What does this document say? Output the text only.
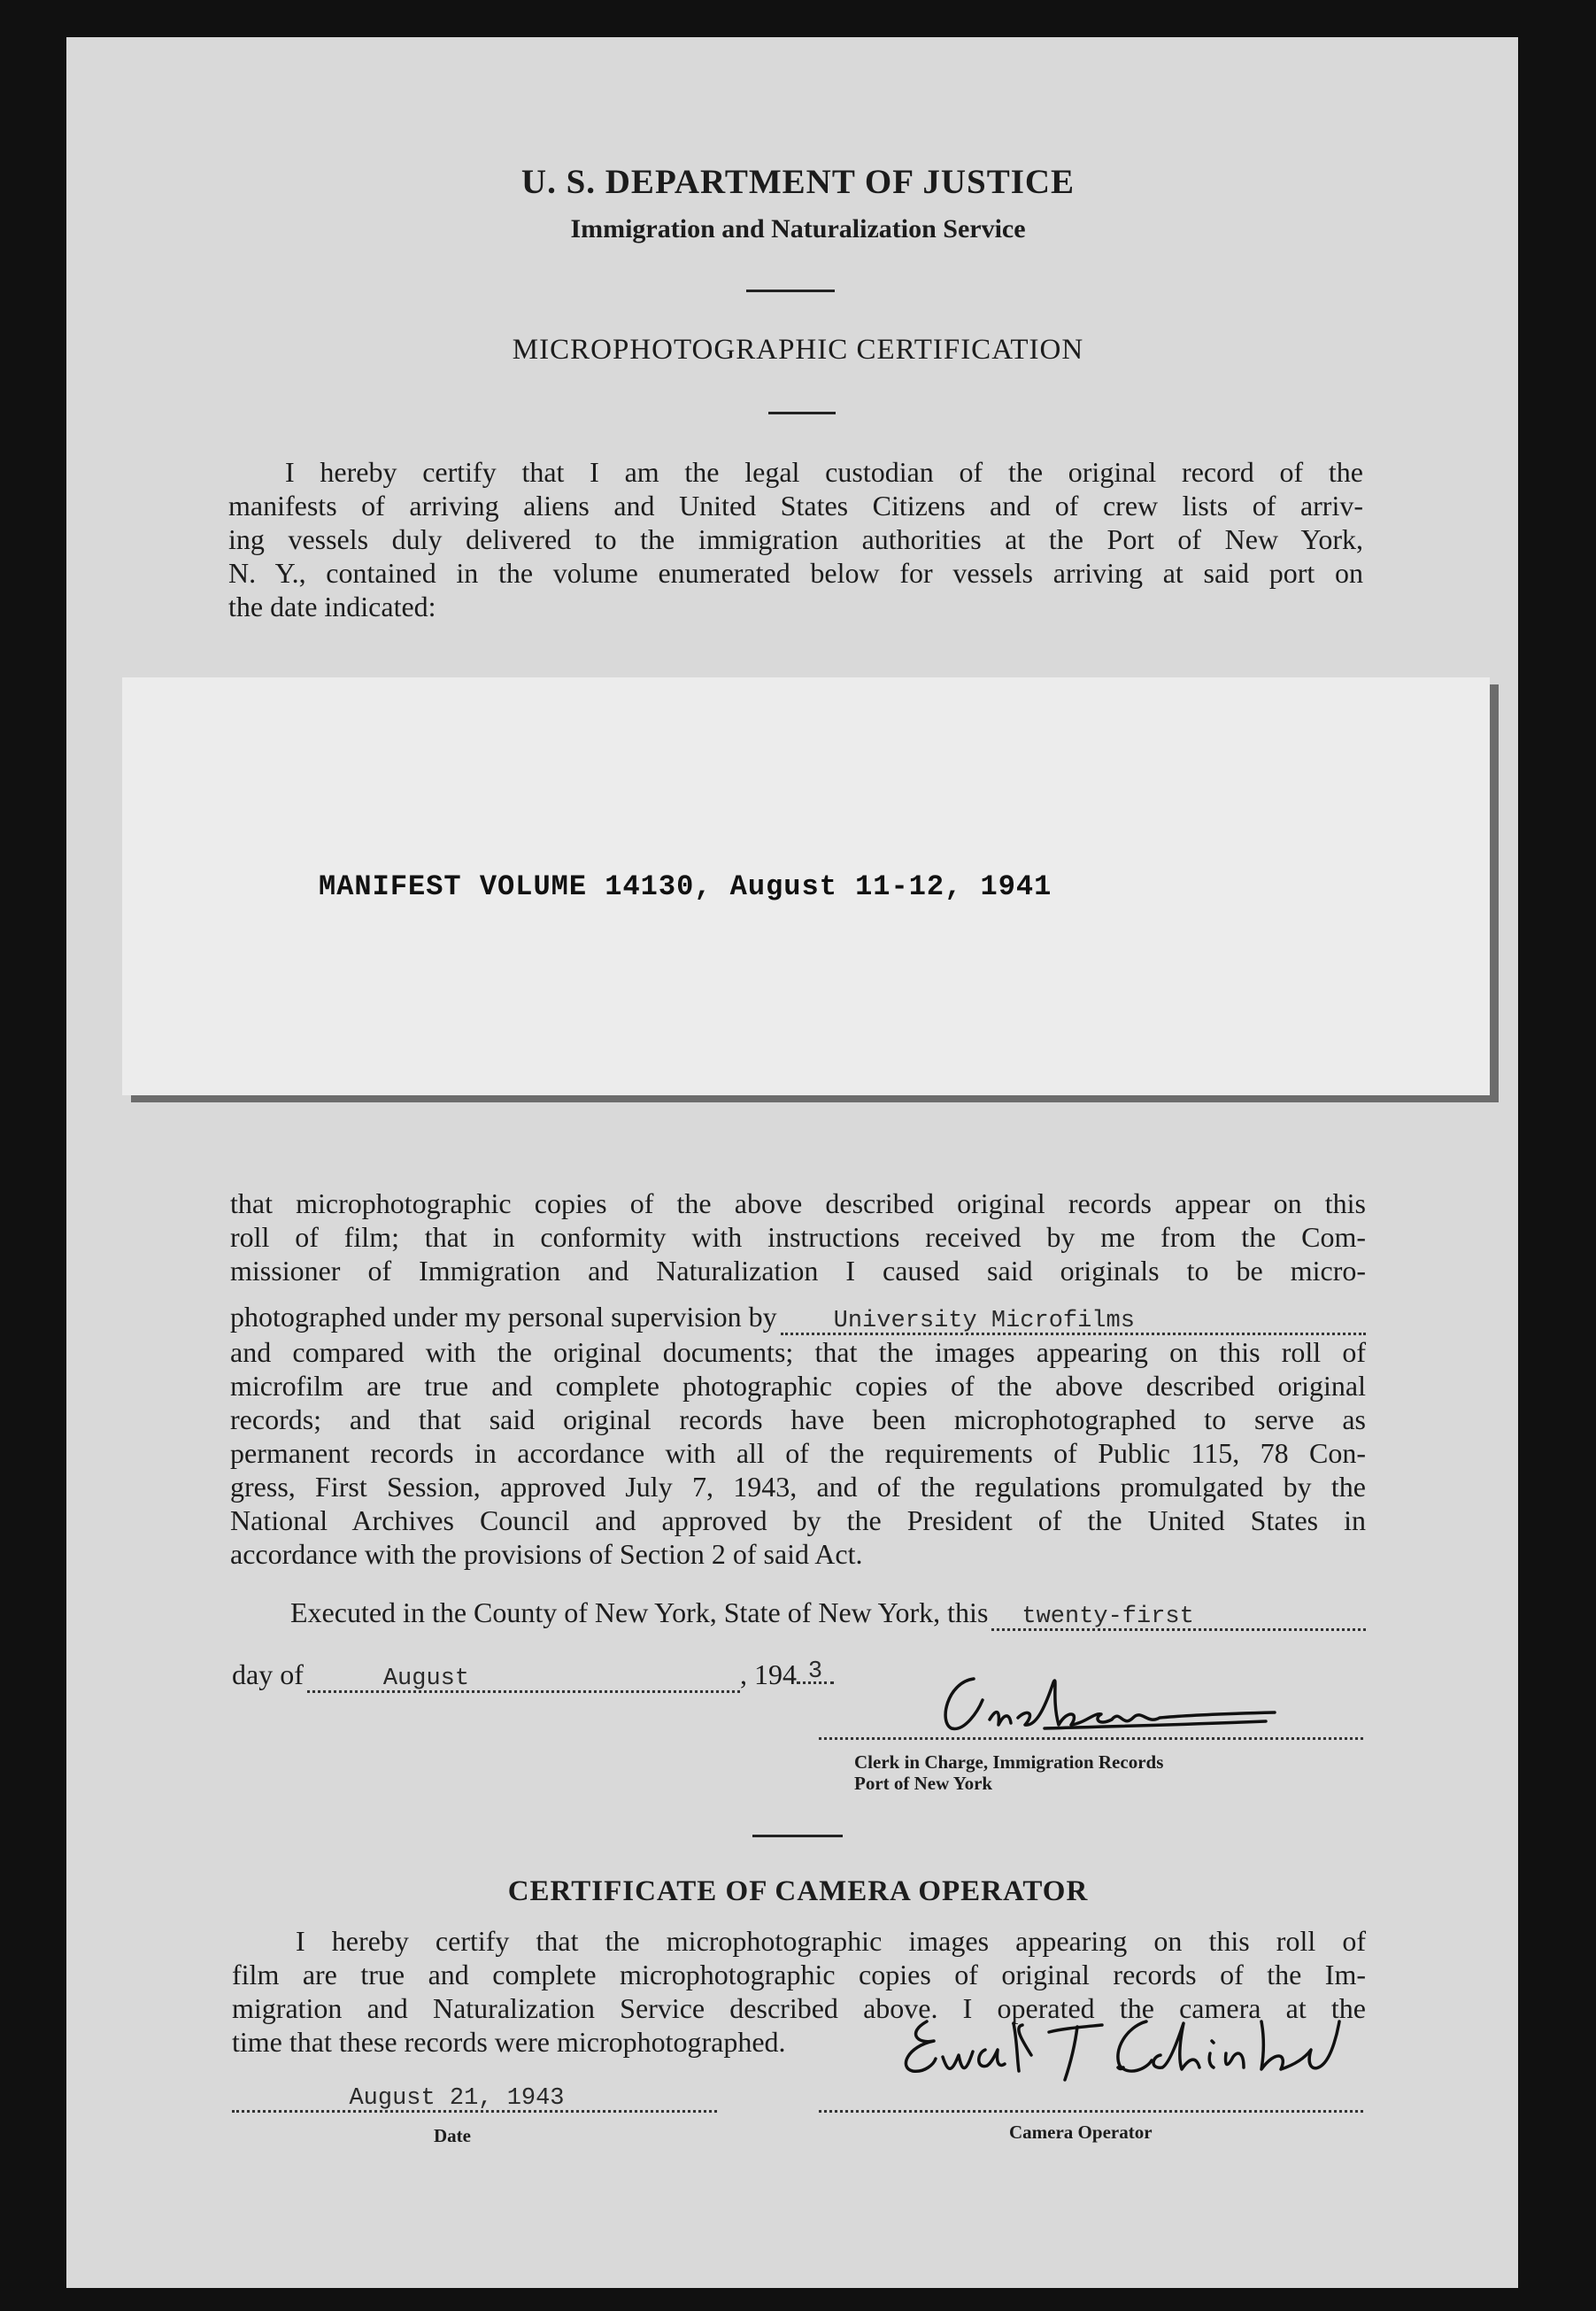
U. S. DEPARTMENT OF JUSTICE
Immigration and Naturalization Service
MICROPHOTOGRAPHIC CERTIFICATION
I hereby certify that I am the legal custodian of the original record of the
manifests of arriving aliens and United States Citizens and of crew lists of arriv-
ing vessels duly delivered to the immigration authorities at the Port of New York,
N. Y., contained in the volume enumerated below for vessels arriving at said port on
the date indicated:
MANIFEST VOLUME 14130, August 11-12, 1941
that microphotographic copies of the above described original records appear on this
roll of film; that in conformity with instructions received by me from the Com-
missioner of Immigration and Naturalization I caused said originals to be micro-
photographed under my personal supervision by	University Microfilms
and compared with the original documents; that the images appearing on this roll of
microfilm are true and complete photographic copies of the above described original
records; and that said original records have been microphotographed to serve as
permanent records in accordance with all of the requirements of Public 115, 78 Con-
gress, First Session, approved July 7, 1943, and of the regulations promulgated by the
National Archives Council and approved by the President of the United States in
accordance with the provisions of Section 2 of said Act.
Executed in the County of New York, State of New York, this	twenty-first
day of	August	, 194 3
Clerk in Charge, Immigration Records
Port of New York
CERTIFICATE OF CAMERA OPERATOR
I hereby certify that the microphotographic images appearing on this roll of
film are true and complete microphotographic copies of original records of the Im-
migration and Naturalization Service described above. I operated the camera at the
time that these records were microphotographed.
August 21, 1943
Date	Camera Operator
